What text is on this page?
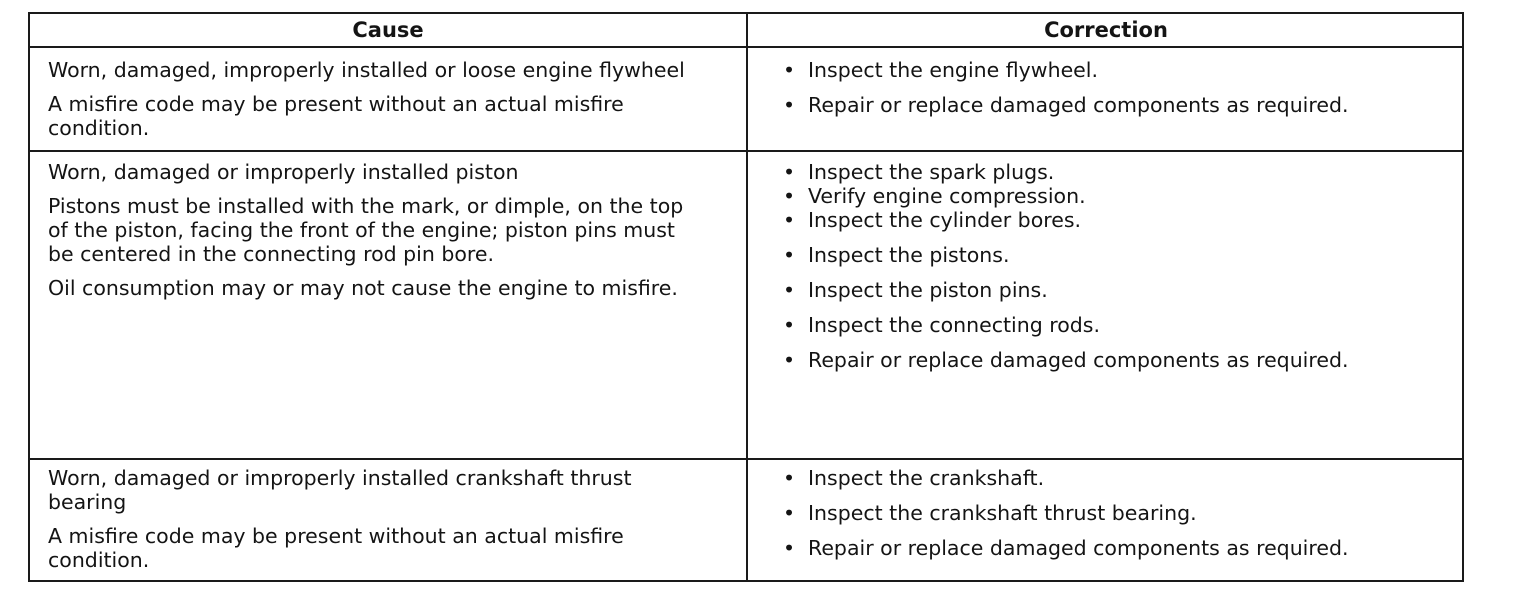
Cause	Correction

Worn, damaged, improperly installed or loose engine flywheel

A misfire code may be present without an actual misfire
condition.

• Inspect the engine flywheel.
• Repair or replace damaged components as required.

Worn, damaged or improperly installed piston

Pistons must be installed with the mark, or dimple, on the top
of the piston, facing the front of the engine; piston pins must
be centered in the connecting rod pin bore.

Oil consumption may or may not cause the engine to misfire.

• Inspect the spark plugs.
• Verify engine compression.
• Inspect the cylinder bores.
• Inspect the pistons.
• Inspect the piston pins.
• Inspect the connecting rods.
• Repair or replace damaged components as required.

Worn, damaged or improperly installed crankshaft thrust
bearing

A misfire code may be present without an actual misfire
condition.

• Inspect the crankshaft.
• Inspect the crankshaft thrust bearing.
• Repair or replace damaged components as required.
